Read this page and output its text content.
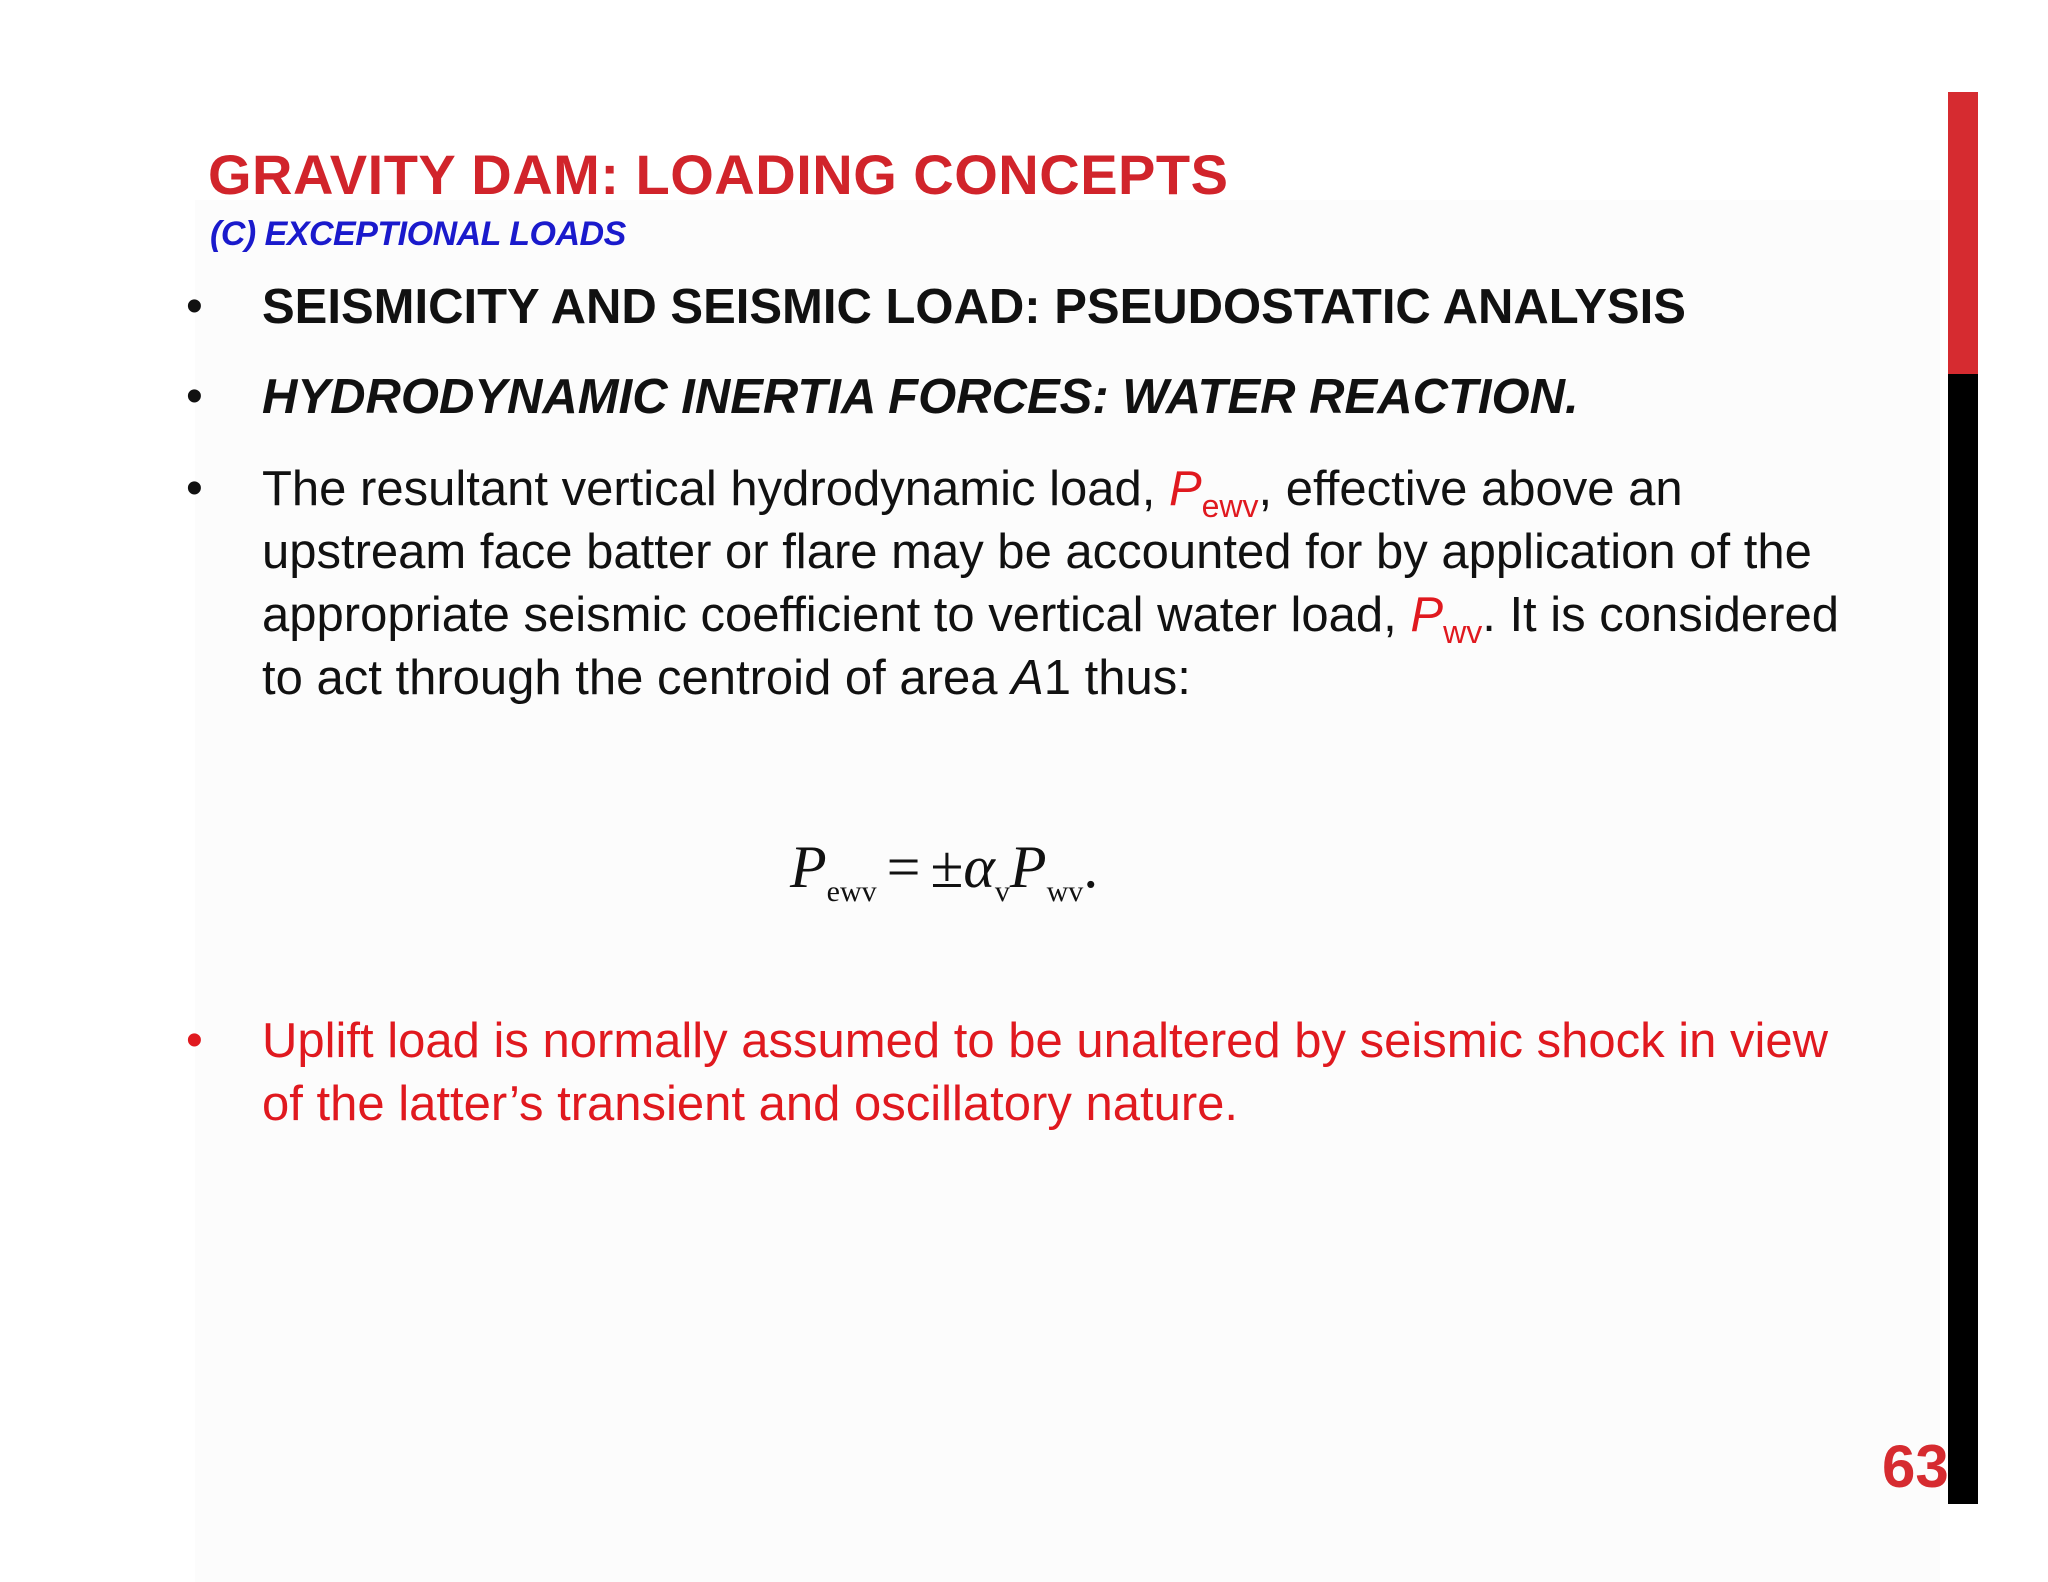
GRAVITY DAM: LOADING CONCEPTS
(C) EXCEPTIONAL LOADS
• SEISMICITY AND SEISMIC LOAD: PSEUDOSTATIC ANALYSIS
• HYDRODYNAMIC INERTIA FORCES: WATER REACTION.
• The resultant vertical hydrodynamic load, $P_{ewv}$, effective above an upstream face batter or flare may be accounted for by application of the appropriate seismic coefficient to vertical water load, $P_{wv}$. It is considered to act through the centroid of area A1 thus:
$P_{ewv} = \pm\alpha_vP_{wv}$.
• Uplift load is normally assumed to be unaltered by seismic shock in view of the latter’s transient and oscillatory nature.
63
